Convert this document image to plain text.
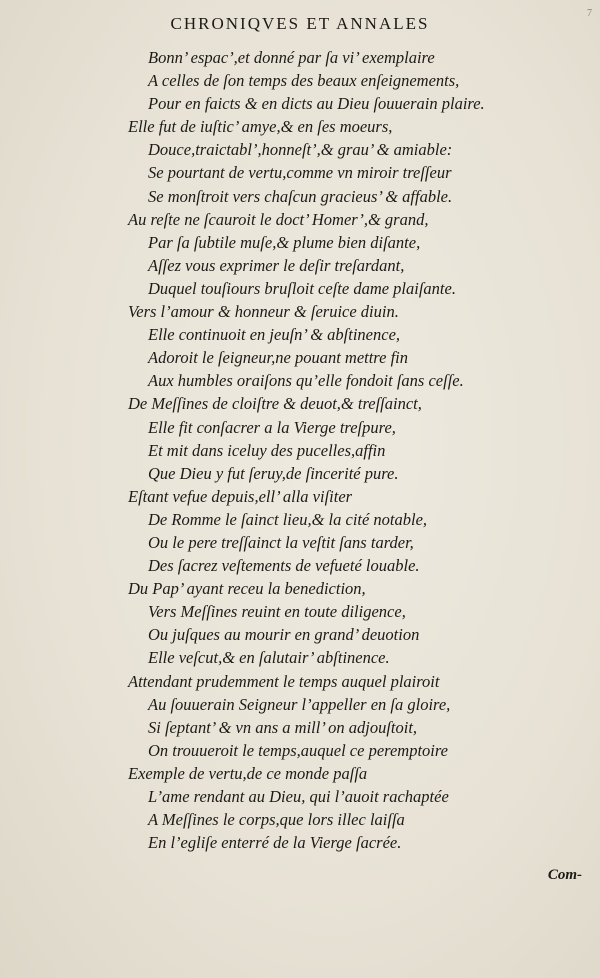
7
CHRONIQVES ET ANNALES
Bonn’ espac’,et donné par ſa vi’ exemplaire
A celles de ſon temps des beaux enſeignements,
Pour en faicts & en dicts au Dieu ſouuerain plaire.
Elle fut de iuſtic’ amye,& en ſes moeurs,
Douce,traictabl’,honneſt’,& grau’ & amiable:
Se pourtant de vertu,comme vn miroir treſſeur
Se monſtroit vers chaſcun gracieus’ & affable.
Au reſte ne ſcauroit le doct’ Homer’,& grand,
Par ſa ſubtile muſe,& plume bien diſante,
Aſſez vous exprimer le deſir treſardant,
Duquel touſiours bruſloit ceſte dame plaiſante.
Vers l’amour & honneur & ſeruice diuin.
Elle continuoit en jeuſn’ & abſtinence,
Adoroit le ſeigneur,ne pouant mettre fin
Aux humbles oraiſons qu’elle fondoit ſans ceſſe.
De Meſſines de cloiſtre & deuot,& treſſainct,
Elle fit conſacrer a la Vierge treſpure,
Et mit dans iceluy des pucelles,affin
Que Dieu y fut ſeruy,de ſincerité pure.
Eſtant vefue depuis,ell’ alla viſiter
De Romme le ſainct lieu,& la cité notable,
Ou le pere treſſainct la veſtit ſans tarder,
Des ſacrez veſtements de vefueté louable.
Du Pap’ ayant receu la benediction,
Vers Meſſines reuint en toute diligence,
Ou juſques au mourir en grand’ deuotion
Elle veſcut,& en ſalutair’ abſtinence.
Attendant prudemment le temps auquel plairoit
Au ſouuerain Seigneur l’appeller en ſa gloire,
Si ſeptant’ & vn ans a mill’ on adjouſtoit,
On trouueroit le temps,auquel ce peremptoire
Exemple de vertu,de ce monde paſſa
L’ame rendant au Dieu, qui l’auoit rachaptée
A Meſſines le corps,que lors illec laiſſa
En l’egliſe enterré de la Vierge ſacrée.
Com-
